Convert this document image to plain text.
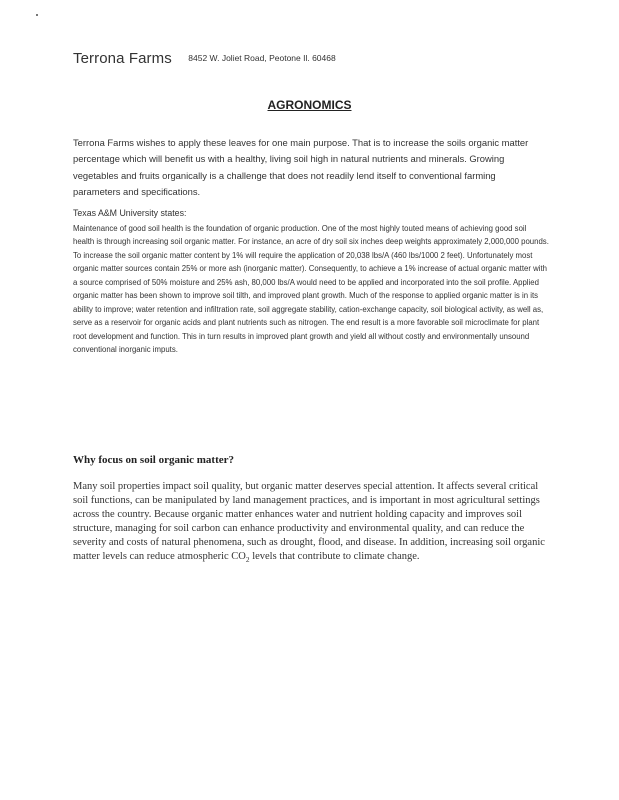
Terrona Farms 8452 W. Joliet Road, Peotone Il. 60468
AGRONOMICS

Terrona Farms wishes to apply these leaves for one main purpose. That is to increase the soils organic matter percentage which will benefit us with a healthy, living soil high in natural nutrients and minerals. Growing vegetables and fruits organically is a challenge that does not readily lend itself to conventional farming parameters and specifications.

Texas A&M University states:

Maintenance of good soil health is the foundation of organic production. One of the most highly touted means of achieving good soil health is through increasing soil organic matter. For instance, an acre of dry soil six inches deep weights approximately 2,000,000 pounds. To increase the soil organic matter content by 1% will require the application of 20,038 lbs/A (460 lbs/1000 2 feet). Unfortunately most organic matter sources contain 25% or more ash (inorganic matter). Consequently, to achieve a 1% increase of actual organic matter with a source comprised of 50% moisture and 25% ash, 80,000 lbs/A would need to be applied and incorporated into the soil profile. Applied organic matter has been shown to improve soil tilth, and improved plant growth. Much of the response to applied organic matter is in its ability to improve; water retention and infiltration rate, soil aggregate stability, cation-exchange capacity, soil biological activity, as well as, serve as a reservoir for organic acids and plant nutrients such as nitrogen. The end result is a more favorable soil microclimate for plant root development and function. This in turn results in improved plant growth and yield all without costly and environmentally unsound conventional inorganic imputs.

Why focus on soil organic matter?

Many soil properties impact soil quality, but organic matter deserves special attention. It affects several critical soil functions, can be manipulated by land management practices, and is important in most agricultural settings across the country. Because organic matter enhances water and nutrient holding capacity and improves soil structure, managing for soil carbon can enhance productivity and environmental quality, and can reduce the severity and costs of natural phenomena, such as drought, flood, and disease. In addition, increasing soil organic matter levels can reduce atmospheric $CO_2$ levels that contribute to climate change.
